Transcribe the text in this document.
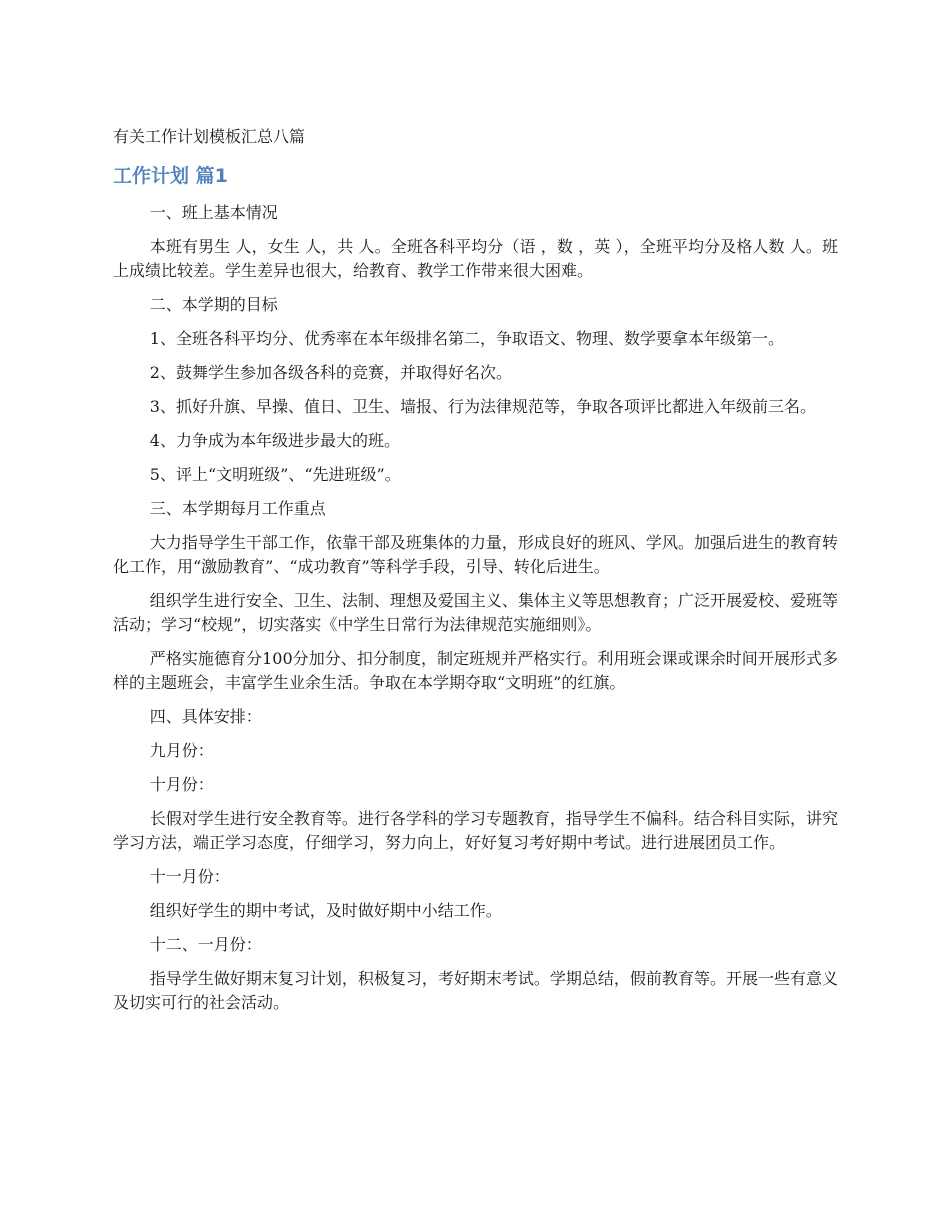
有关工作计划模板汇总八篇
工作计划 篇1

一、班上基本情况

本班有男生 人，女生 人，共 人。全班各科平均分（语 ，数 ，英 ），全班平均分及格人数 人。班上成绩比较差。学生差异也很大，给教育、教学工作带来很大困难。

二、本学期的目标

1、全班各科平均分、优秀率在本年级排名第二，争取语文、物理、数学要拿本年级第一。

2、鼓舞学生参加各级各科的竞赛，并取得好名次。

3、抓好升旗、早操、值日、卫生、墙报、行为法律规范等，争取各项评比都进入年级前三名。

4、力争成为本年级进步最大的班。

5、评上“文明班级”、“先进班级”。

三、本学期每月工作重点

大力指导学生干部工作，依靠干部及班集体的力量，形成良好的班风、学风。加强后进生的教育转化工作，用“激励教育”、“成功教育”等科学手段，引导、转化后进生。

组织学生进行安全、卫生、法制、理想及爱国主义、集体主义等思想教育；广泛开展爱校、爱班等活动；学习“校规”，切实落实《中学生日常行为法律规范实施细则》。

严格实施德育分100分加分、扣分制度，制定班规并严格实行。利用班会课或课余时间开展形式多样的主题班会，丰富学生业余生活。争取在本学期夺取“文明班”的红旗。

四、具体安排：

九月份：

十月份：

长假对学生进行安全教育等。进行各学科的学习专题教育，指导学生不偏科。结合科目实际，讲究学习方法，端正学习态度，仔细学习，努力向上，好好复习考好期中考试。进行进展团员工作。

十一月份：

组织好学生的期中考试，及时做好期中小结工作。

十二、一月份：

指导学生做好期末复习计划，积极复习，考好期末考试。学期总结，假前教育等。开展一些有意义及切实可行的社会活动。
